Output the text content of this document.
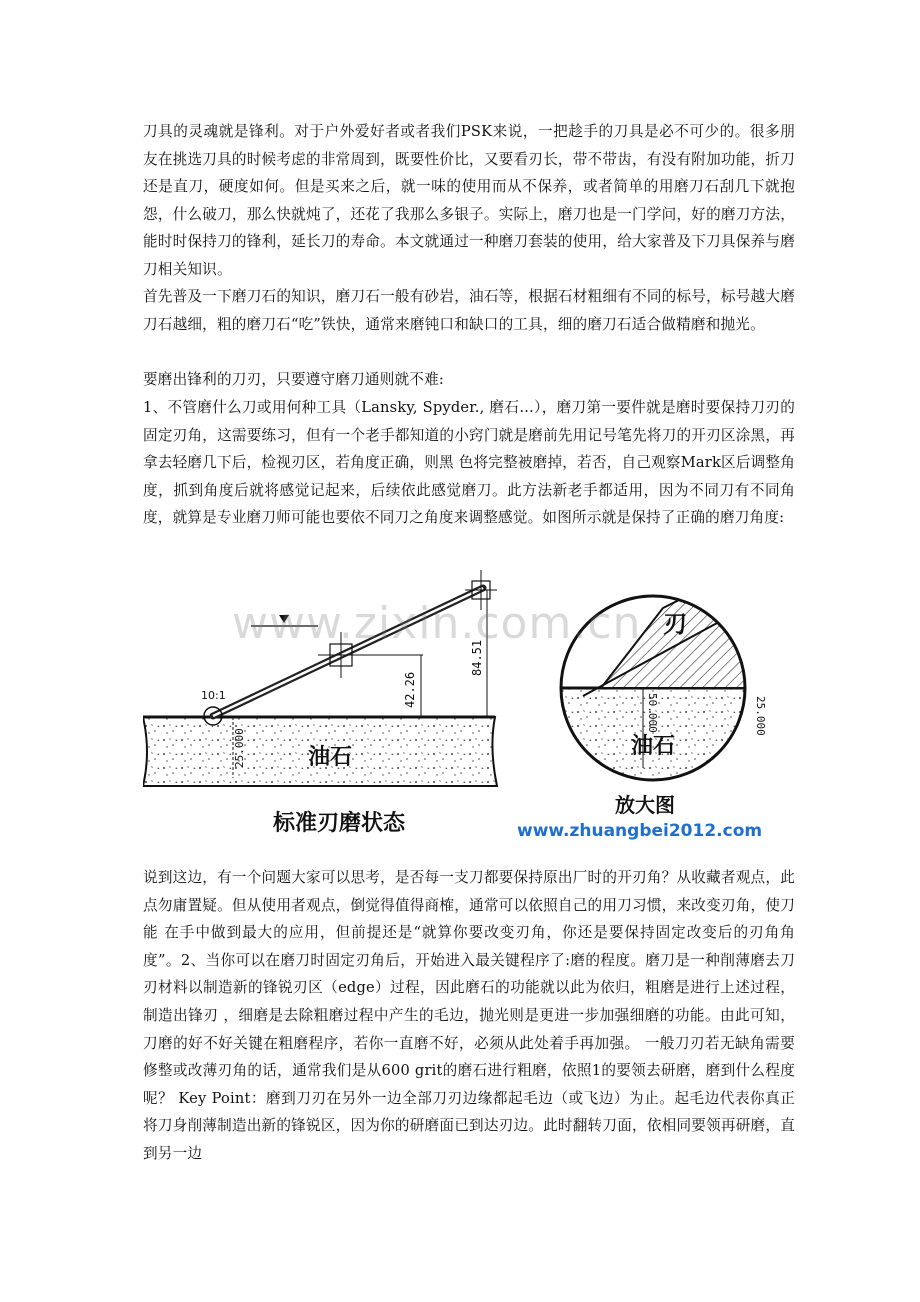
刀具的灵魂就是锋利。对于户外爱好者或者我们PSK来说，一把趁手的刀具是必不可少的。很多朋友在挑选刀具的时候考虑的非常周到，既要性价比，又要看刃长，带不带齿，有没有附加功能，折刀还是直刀，硬度如何。但是买来之后，就一味的使用而从不保养，或者简单的用磨刀石刮几下就抱怨，什么破刀，那么快就炖了，还花了我那么多银子。实际上，磨刀也是一门学问，好的磨刀方法，能时时保持刀的锋利，延长刀的寿命。本文就通过一种磨刀套装的使用，给大家普及下刀具保养与磨刀相关知识。

首先普及一下磨刀石的知识，磨刀石一般有砂岩，油石等，根据石材粗细有不同的标号，标号越大磨刀石越细，粗的磨刀石“吃”铁快，通常来磨钝口和缺口的工具，细的磨刀石适合做精磨和抛光。

要磨出锋利的刀刃，只要遵守磨刀通则就不难:

1、不管磨什么刀或用何种工具（Lansky, Spyder., 磨石…），磨刀第一要件就是磨时要保持刀刃的固定刃角，这需要练习，但有一个老手都知道的小窍门就是磨前先用记号笔先将刀的开刃区涂黑，再拿去轻磨几下后，检视刃区，若角度正确，则黑 色将完整被磨掉，若否，自己观察Mark区后调整角度，抓到角度后就将感觉记起来，后续依此感觉磨刀。此方法新老手都适用，因为不同刀有不同角度，就算是专业磨刀师可能也要依不同刀之角度来调整感觉。如图所示就是保持了正确的磨刀角度:

油石
10:1	42.26
84.51
25.000
标准刃磨状态
刃
油石
50.000	25.000
放大图
www.zhuangbei2012.com
www.zixin.com.cn

说到这边，有一个问题大家可以思考，是否每一支刀都要保持原出厂时的开刃角？从收藏者观点，此点勿庸置疑。但从使用者观点，倒觉得值得商榷，通常可以依照自己的用刀习惯，来改变刃角，使刀能 在手中做到最大的应用，但前提还是“就算你要改变刃角，你还是要保持固定改变后的刃角角度”。2、当你可以在磨刀时固定刃角后，开始进入最关键程序了:磨的程度。磨刀是一种削薄磨去刀刃材料以制造新的锋锐刃区（edge）过程，因此磨石的功能就以此为依归，粗磨是进行上述过程，制造出锋刃 ，细磨是去除粗磨过程中产生的毛边，抛光则是更进一步加强细磨的功能。由此可知，刀磨的好不好关键在粗磨程序，若你一直磨不好，必须从此处着手再加强。 一般刀刃若无缺角需要修整或改薄刃角的话，通常我们是从600 grit的磨石进行粗磨，依照1的要领去研磨，磨到什么程度呢？ Key Point：磨到刀刃在另外一边全部刀刃边缘都起毛边（或飞边）为止。起毛边代表你真正将刀身削薄制造出新的锋锐区，因为你的研磨面已到达刃边。此时翻转刀面，依相同要领再研磨，直到另一边
